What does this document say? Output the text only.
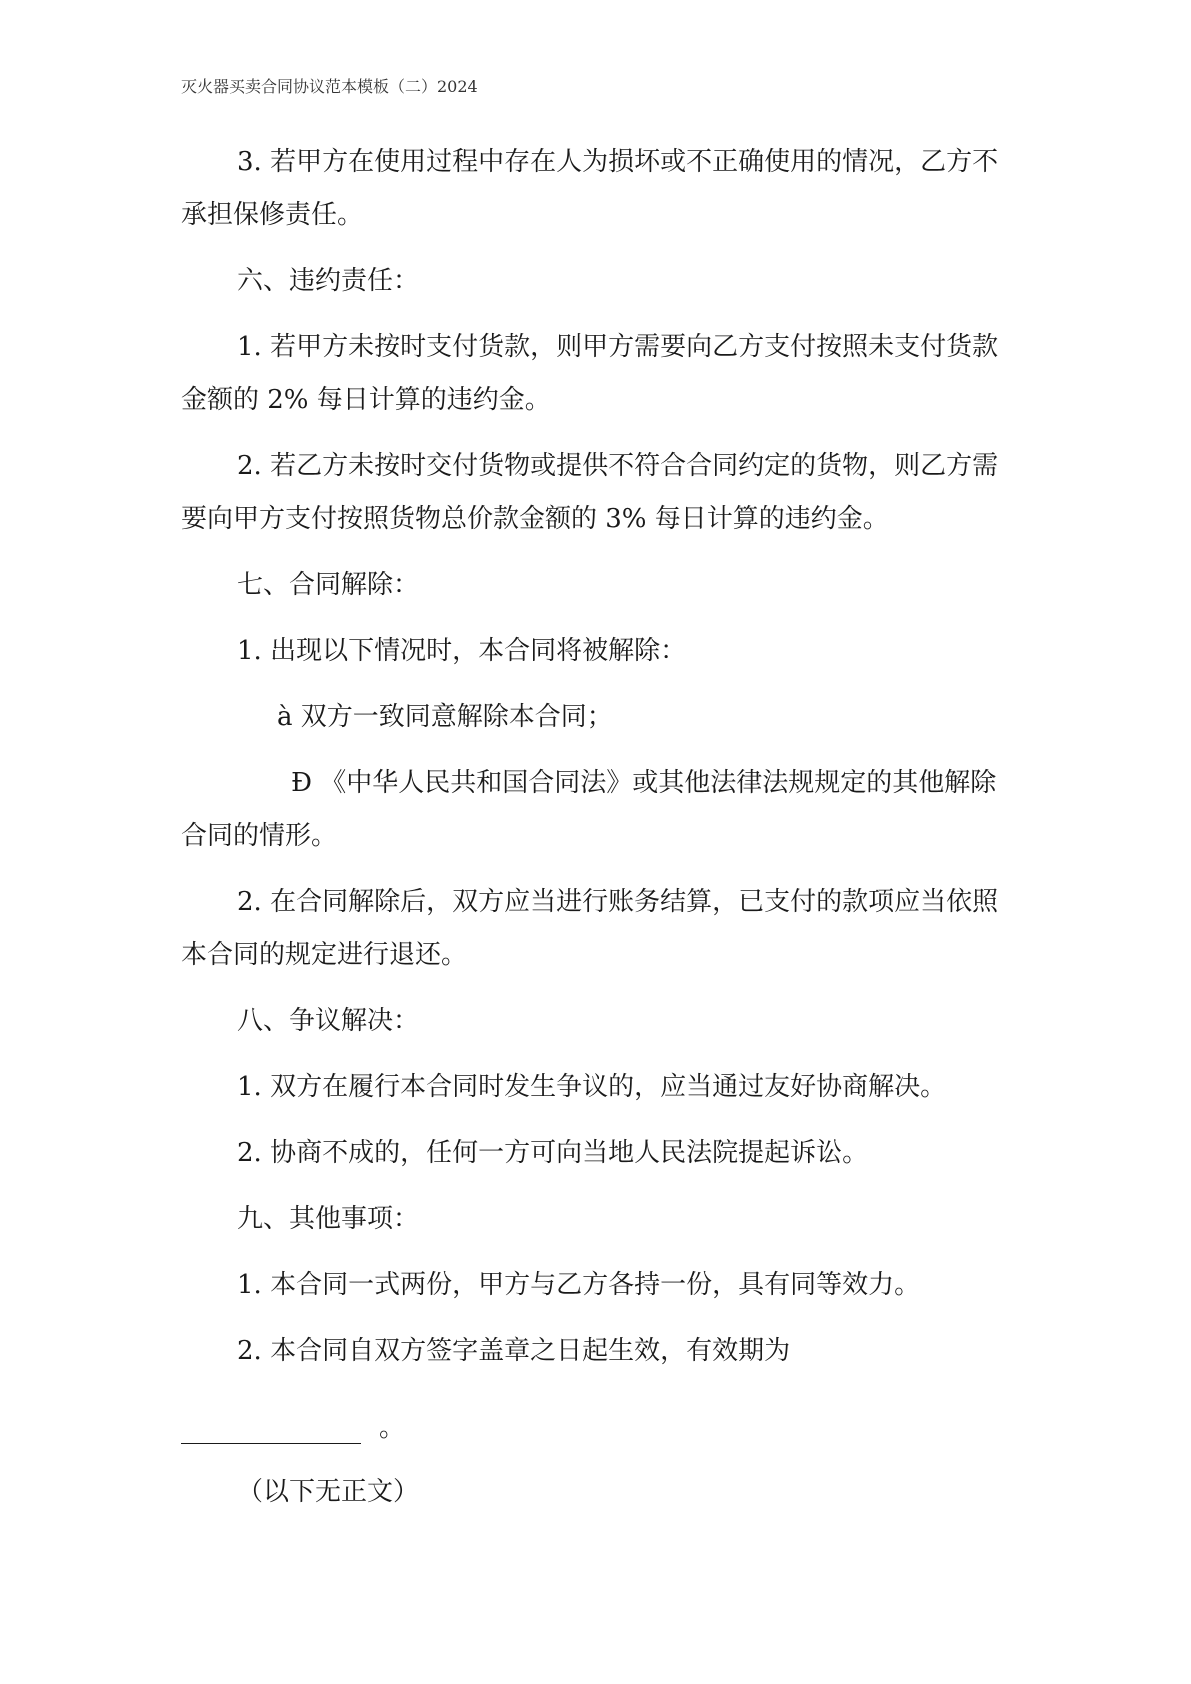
灭火器买卖合同协议范本模板（二）2024

3. 若甲方在使用过程中存在人为损坏或不正确使用的情况，乙方不承担保修责任。

六、违约责任：

1. 若甲方未按时支付货款，则甲方需要向乙方支付按照未支付货款金额的 2% 每日计算的违约金。

2. 若乙方未按时交付货物或提供不符合合同约定的货物，则乙方需要向甲方支付按照货物总价款金额的 3% 每日计算的违约金。

七、合同解除：

1. 出现以下情况时，本合同将被解除：

à 双方一致同意解除本合同；

Ð 《中华人民共和国合同法》或其他法律法规规定的其他解除合同的情形。

2. 在合同解除后，双方应当进行账务结算，已支付的款项应当依照本合同的规定进行退还。

八、争议解决：

1. 双方在履行本合同时发生争议的，应当通过友好协商解决。

2. 协商不成的，任何一方可向当地人民法院提起诉讼。

九、其他事项：

1. 本合同一式两份，甲方与乙方各持一份，具有同等效力。

2. 本合同自双方签字盖章之日起生效，有效期为

。
（以下无正文）
